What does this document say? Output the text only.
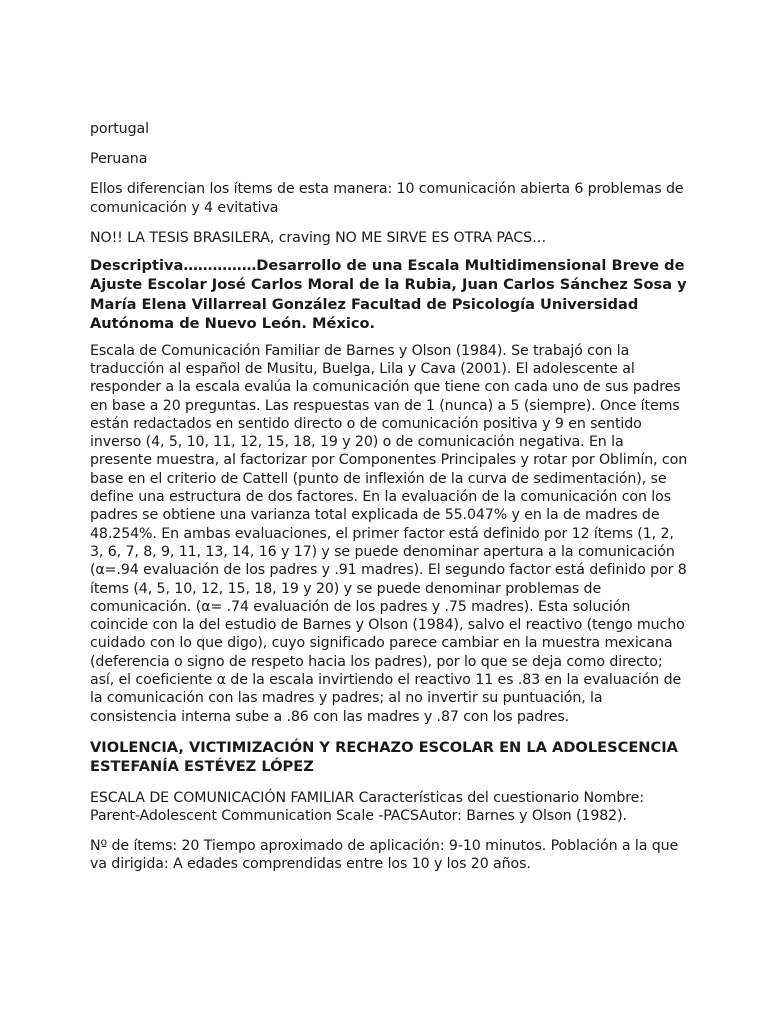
portugal

Peruana

Ellos diferencian los ítems de esta manera: 10 comunicación abierta 6 problemas de comunicación y 4 evitativa

NO!! LA TESIS BRASILERA, craving NO ME SIRVE ES OTRA PACS…

Descriptiva……………Desarrollo de una Escala Multidimensional Breve de Ajuste Escolar José Carlos Moral de la Rubia, Juan Carlos Sánchez Sosa y María Elena Villarreal González Facultad de Psicología Universidad Autónoma de Nuevo León. México.

Escala de Comunicación Familiar de Barnes y Olson (1984). Se trabajó con la traducción al español de Musitu, Buelga, Lila y Cava (2001). El adolescente al responder a la escala evalúa la comunicación que tiene con cada uno de sus padres en base a 20 preguntas. Las respuestas van de 1 (nunca) a 5 (siempre). Once ítems están redactados en sentido directo o de comunicación positiva y 9 en sentido inverso (4, 5, 10, 11, 12, 15, 18, 19 y 20) o de comunicación negativa. En la presente muestra, al factorizar por Componentes Principales y rotar por Oblimín, con base en el criterio de Cattell (punto de inflexión de la curva de sedimentación), se define una estructura de dos factores. En la evaluación de la comunicación con los padres se obtiene una varianza total explicada de 55.047% y en la de madres de 48.254%. En ambas evaluaciones, el primer factor está definido por 12 ítems (1, 2, 3, 6, 7, 8, 9, 11, 13, 14, 16 y 17) y se puede denominar apertura a la comunicación (α=.94 evaluación de los padres y .91 madres). El segundo factor está definido por 8 ítems (4, 5, 10, 12, 15, 18, 19 y 20) y se puede denominar problemas de comunicación. (α= .74 evaluación de los padres y .75 madres). Esta solución coincide con la del estudio de Barnes y Olson (1984), salvo el reactivo (tengo mucho cuidado con lo que digo), cuyo significado parece cambiar en la muestra mexicana (deferencia o signo de respeto hacia los padres), por lo que se deja como directo; así, el coeficiente α de la escala invirtiendo el reactivo 11 es .83 en la evaluación de la comunicación con las madres y padres; al no invertir su puntuación, la consistencia interna sube a .86 con las madres y .87 con los padres.

VIOLENCIA, VICTIMIZACIÓN Y RECHAZO ESCOLAR EN LA ADOLESCENCIA ESTEFANÍA ESTÉVEZ LÓPEZ

ESCALA DE COMUNICACIÓN FAMILIAR Características del cuestionario Nombre: Parent-Adolescent Communication Scale -PACSAutor: Barnes y Olson (1982).

Nº de ítems: 20 Tiempo aproximado de aplicación: 9-10 minutos. Población a la que va dirigida: A edades comprendidas entre los 10 y los 20 años.
